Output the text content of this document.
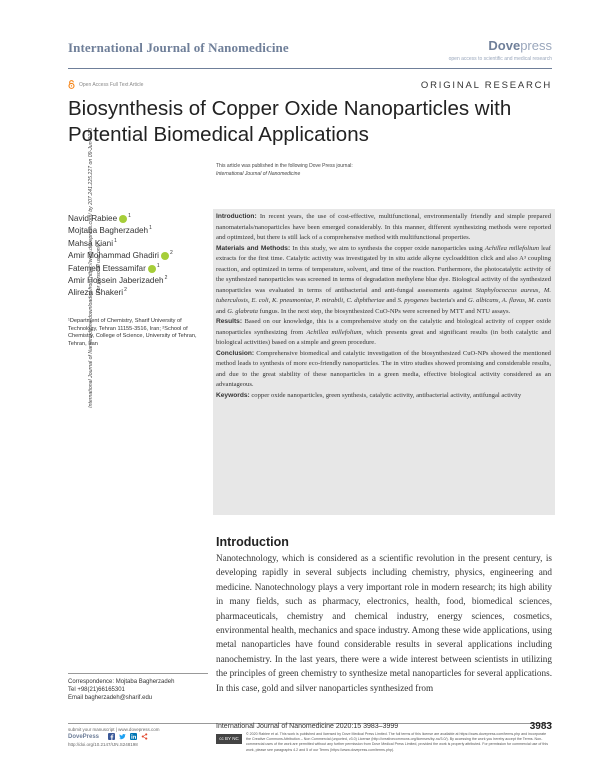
International Journal of Nanomedicine	Dovepress
open access to scientific and medical research
Open Access Full Text Article	ORIGINAL RESEARCH
Biosynthesis of Copper Oxide Nanoparticles with Potential Biomedical Applications
This article was published in the following Dove Press journal:
International Journal of Nanomedicine
International Journal of Nanomedicine downloaded from https://www.dovepress.com/ by 207.241.225.227 on 09-Jun-2020 For personal use only.
Navid Rabiee 1
Mojtaba Bagherzadeh 1
Mahsa Kiani 1
Amir Mohammad Ghadiri 2
Fatemeh Etessamifar 1
Amir Hossein Jaberizadeh 2
Alireza Shakeri 2
¹Department of Chemistry, Sharif University of Technology, Tehran 11155-3516, Iran; ²School of Chemistry, College of Science, University of Tehran, Tehran, Iran

Introduction: In recent years, the use of cost-effective, multifunctional, environmentally friendly and simple prepared nanomaterials/nanoparticles have been emerged considerably. In this manner, different synthesizing methods were reported and optimized, but there is still lack of a comprehensive method with multifunctional properties.

Materials and Methods: In this study, we aim to synthesis the copper oxide nanoparticles using Achillea millefolium leaf extracts for the first time. Catalytic activity was investigated by in situ azide alkyne cycloaddition click and also A³ coupling reaction, and optimized in terms of temperature, solvent, and time of the reaction. Furthermore, the photocatalytic activity of the synthesized nanoparticles was screened in terms of degradation methylene blue dye. Biological activity of the synthesized nanoparticles was evaluated in terms of antibacterial and anti-fungal assessments against Staphylococcus aureus, M. tuberculosis, E. coli, K. pneumoniae, P. mirabili, C. diphtheriae and S. pyogenes bacteria's and G. albicans, A. flavus, M. canis and G. glabrata fungus. In the next step, the biosynthesized CuO-NPs were screened by MTT and NTU assays.

Results: Based on our knowledge, this is a comprehensive study on the catalytic and biological activity of copper oxide nanoparticles synthesizing from Achillea millefolium, which presents great and significant results (in both catalytic and biological activities) based on a simple and green procedure.

Conclusion: Comprehensive biomedical and catalytic investigation of the biosynthesized CuO-NPs showed the mentioned method leads to synthesis of more eco-friendly nanoparticles. The in vitro studies showed promising and considerable results, and due to the great stability of these nanoparticles in a green media, effective biological activity considered as an advantageous.

Keywords: copper oxide nanoparticles, green synthesis, catalytic activity, antibacterial activity, antifungal activity

Introduction
Nanotechnology, which is considered as a scientific revolution in the present century, is developing rapidly in several subjects including chemistry, physics, engineering and medicine. Nanotechnology plays a very important role in modern research; its high ability in many fields, such as pharmacy, electronics, health, food, biomedical sciences, pharmaceuticals, chemistry and chemical industry, energy sciences, cosmetics, environmental health, mechanics and space industry. Among these wide applications, using metal nanoparticles have found considerable results in several applications including nanochemistry. In the last years, there were a wide interest between scientists in utilizing the principles of green chemistry to synthesize metal nanoparticles for several applications. In this case, gold and silver nanoparticles synthesized from
Correspondence: Mojtaba Bagherzadeh
Tel +98(21)66165301
Email bagherzadeh@sharif.edu
submit your manuscript | www.dovepress.com
DovePress
http://doi.org/10.2147/IJN.S248198
International Journal of Nanomedicine 2020:15 3983–3999	3983
cc BY NC
© 2020 Rabiee et al. This work is published and licensed by Dove Medical Press Limited. The full terms of this license are available at https://www.dovepress.com/terms.php and incorporate the Creative Commons Attribution – Non Commercial (unported, v3.0) License (http://creativecommons.org/licenses/by-nc/3.0/). By accessing the work you hereby accept the Terms. Non-commercial uses of the work are permitted without any further permission from Dove Medical Press Limited, provided the work is properly attributed. For permission for commercial use of this work, please see paragraphs 4.2 and 5 of our Terms (https://www.dovepress.com/terms.php).
